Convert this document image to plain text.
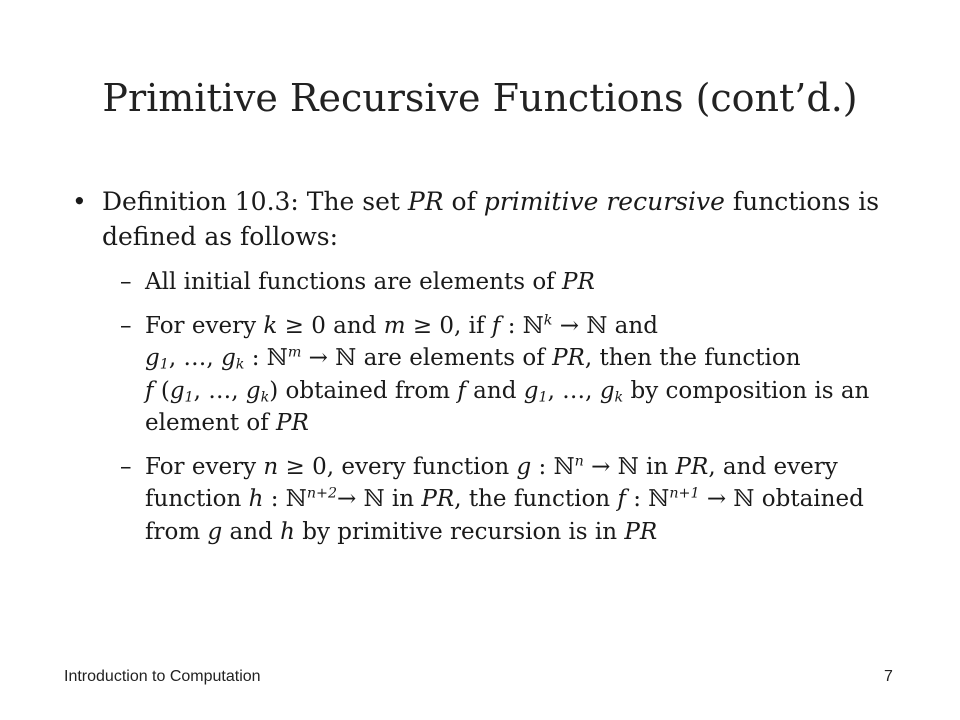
Primitive Recursive Functions (cont’d.)
• Definition 10.3: The set PR of primitive recursive functions is defined as follows:
– All initial functions are elements of PR
– For every k ≥ 0 and m ≥ 0, if f : ℕ$^k$ → ℕ and
$g_1$, …, $g_k$ : ℕ$^m$ → ℕ are elements of PR, then the function
f ($g_1$, …, $g_k$) obtained from f and $g_1$, …, $g_k$ by composition is an element of PR
– For every n ≥ 0, every function g : ℕ$^n$ → ℕ in PR, and every function h : ℕ$^{n+2}$→ ℕ in PR, the function f : ℕ$^{n+1}$ → ℕ obtained from g and h by primitive recursion is in PR
Introduction to Computation	7
